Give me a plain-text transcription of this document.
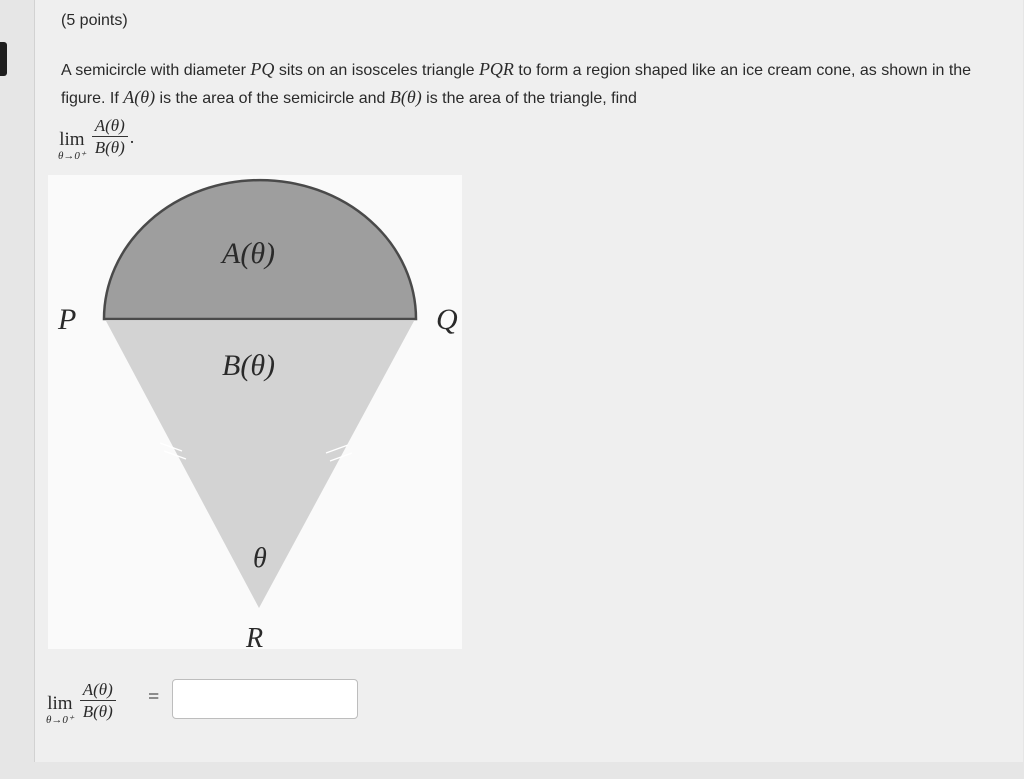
(5 points)
A semicircle with diameter PQ sits on an isosceles triangle PQR to form a region shaped like an ice cream cone, as shown in the figure. If A(θ) is the area of the semicircle and B(θ) is the area of the triangle, find
lim
$\theta\to 0^+ \frac{A(\theta)}{B(\theta)}$ .
A(θ)
B(θ)
P	Q
θ
R
lim
$\theta\to 0^+ \frac{A(\theta)}{B(\theta)}$ =
